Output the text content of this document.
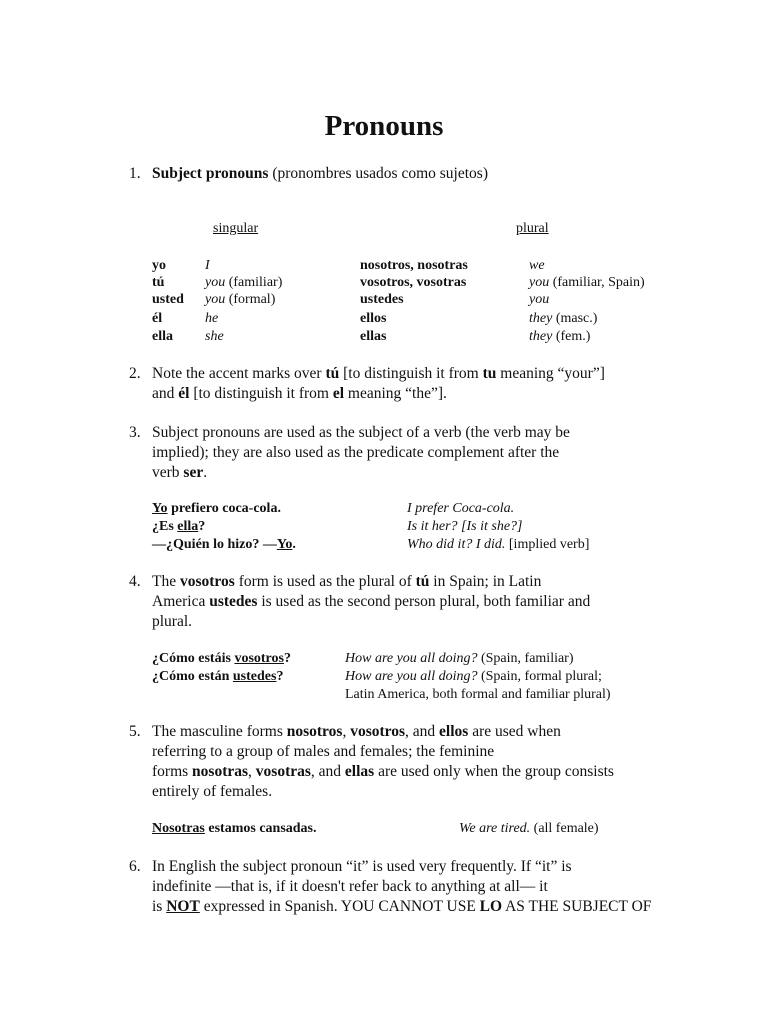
Pronouns
1. Subject pronouns (pronombres usados como sujetos)
singular	plural
yo	I	nosotros, nosotras	we
tú	you (familiar)	vosotros, vosotras	you (familiar, Spain)
usted you (formal)	ustedes	you
él	he	ellos	they (masc.)
ella she	ellas	they (fem.)
2. Note the accent marks over tú [to distinguish it from tu meaning “your”]
and él [to distinguish it from el meaning “the”].
3. Subject pronouns are used as the subject of a verb (the verb may be
implied); they are also used as the predicate complement after the
verb ser.
Yo prefiero coca-cola.	I prefer Coca-cola.
¿Es ella?	Is it her? [Is it she?]
—¿Quién lo hizo? —Yo.	Who did it? I did. [implied verb]
4. The vosotros form is used as the plural of tú in Spain; in Latin
America ustedes is used as the second person plural, both familiar and
plural.
¿Cómo estáis vosotros?	How are you all doing? (Spain, familiar)
¿Cómo están ustedes?	How are you all doing? (Spain, formal plural;
Latin America, both formal and familiar plural)
5. The masculine forms nosotros, vosotros, and ellos are used when
referring to a group of males and females; the feminine
forms nosotras, vosotras, and ellas are used only when the group consists
entirely of females.
Nosotras estamos cansadas.	We are tired. (all female)
6. In English the subject pronoun “it” is used very frequently. If “it” is
indefinite —that is, if it doesn't refer back to anything at all— it
is NOT expressed in Spanish. YOU CANNOT USE LO AS THE SUBJECT OF
